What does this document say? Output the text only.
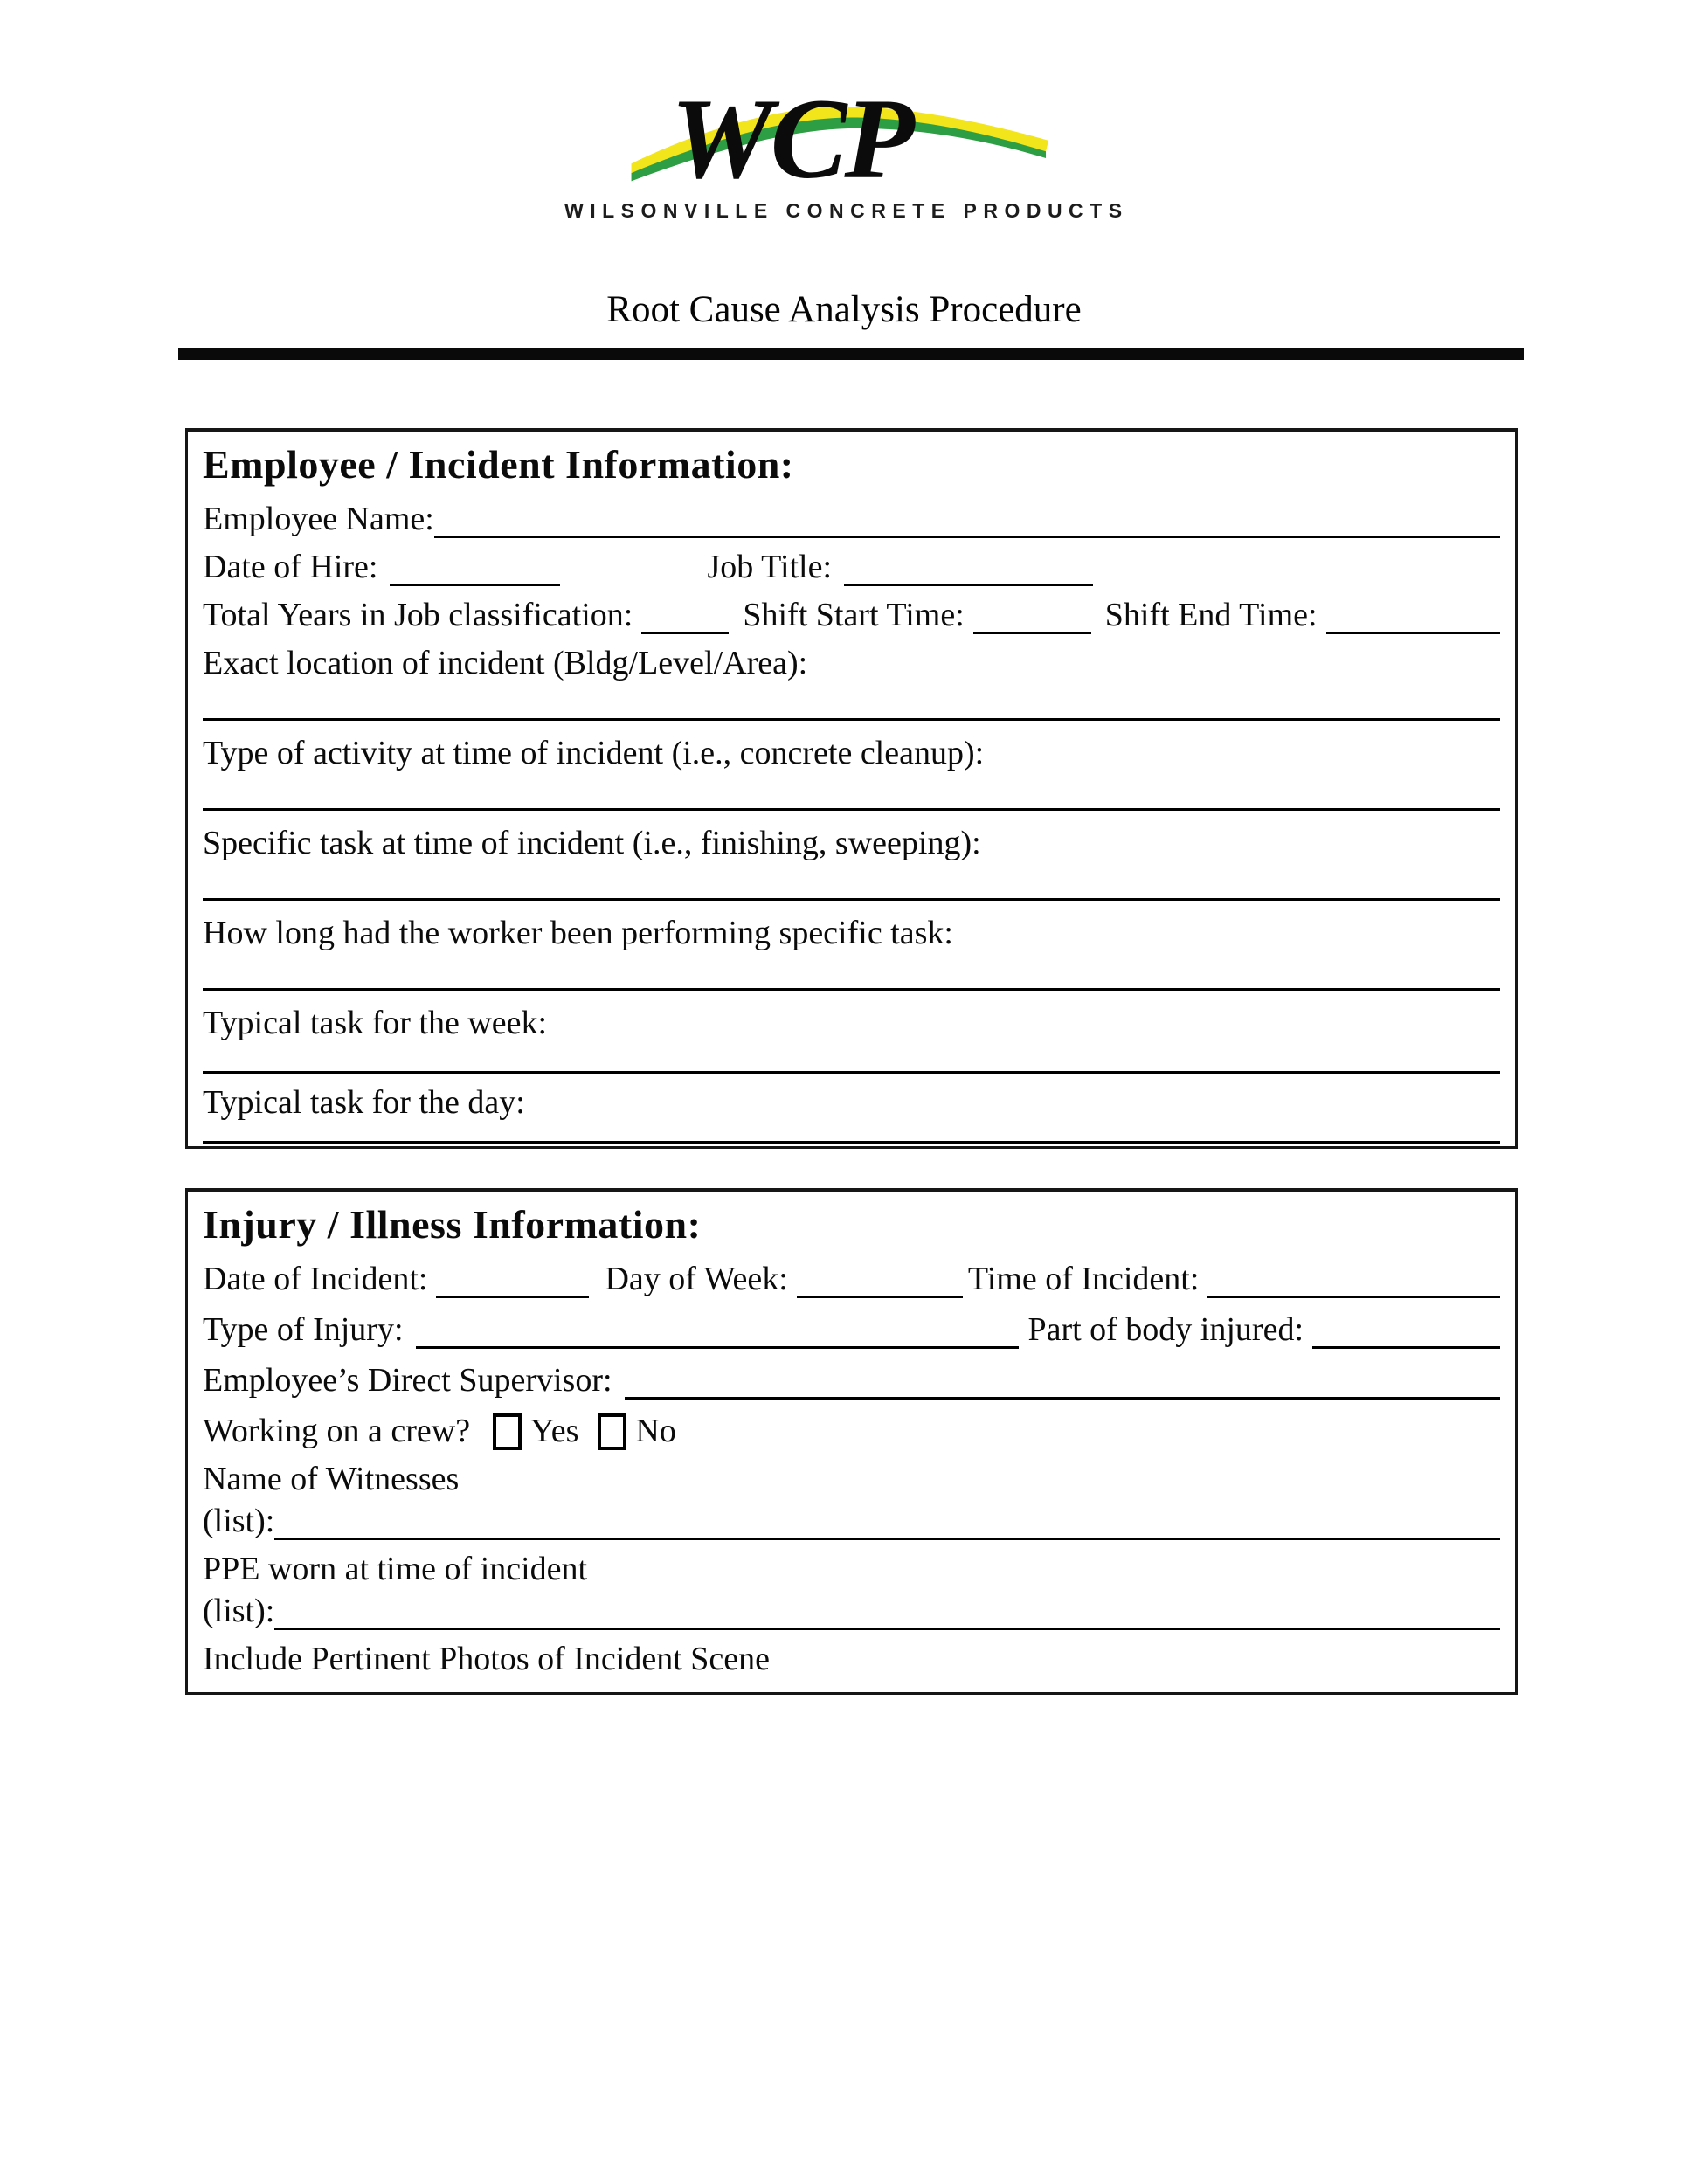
WCP
WILSONVILLE CONCRETE PRODUCTS
Root Cause Analysis Procedure
Employee / Incident Information:
Employee Name:
Date of Hire:	Job Title:
Total Years in Job classification:	Shift Start Time:	Shift End Time:
Exact location of incident (Bldg/Level/Area):
Type of activity at time of incident (i.e., concrete cleanup):
Specific task at time of incident (i.e., finishing, sweeping):
How long had the worker been performing specific task:
Typical task for the week:
Typical task for the day:
Injury / Illness Information:
Date of Incident:	Day of Week:	Time of Incident:
Type of Injury:	Part of body injured:
Employee’s Direct Supervisor:
Working on a crew? Yes No
Name of Witnesses
(list):
PPE worn at time of incident
(list):
Include Pertinent Photos of Incident Scene
